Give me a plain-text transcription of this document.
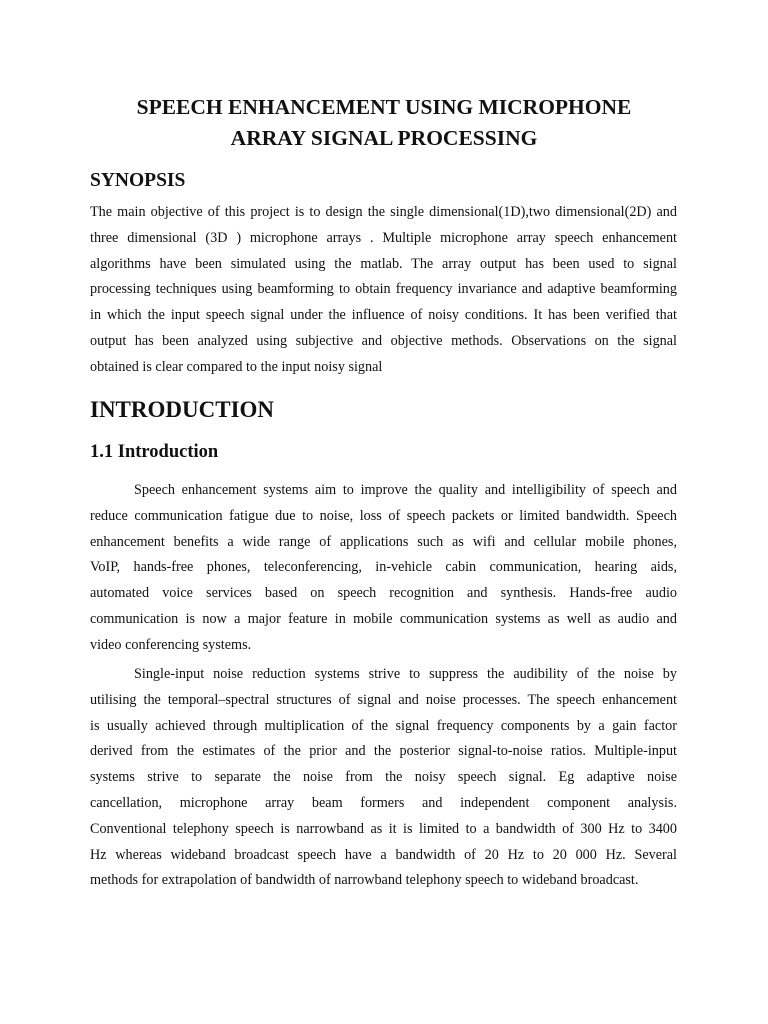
SPEECH ENHANCEMENT USING MICROPHONE
ARRAY SIGNAL PROCESSING
SYNOPSIS

The main objective of this project is to design the single dimensional(1D),two dimensional(2D) and
three dimensional (3D ) microphone arrays . Multiple microphone array speech enhancement
algorithms have been simulated using the matlab. The array output has been used to signal
processing techniques using beamforming to obtain frequency invariance and adaptive beamforming
in which the input speech signal under the influence of noisy conditions. It has been verified that
output has been analyzed using subjective and objective methods. Observations on the signal
obtained is clear compared to the input noisy signal

INTRODUCTION
1.1 Introduction

Speech enhancement systems aim to improve the quality and intelligibility of speech and
reduce communication fatigue due to noise, loss of speech packets or limited bandwidth. Speech
enhancement benefits a wide range of applications such as wifi and cellular mobile phones,
VoIP, hands-free phones, teleconferencing, in-vehicle cabin communication, hearing aids,
automated voice services based on speech recognition and synthesis. Hands-free audio
communication is now a major feature in mobile communication systems as well as audio and
video conferencing systems.

Single-input noise reduction systems strive to suppress the audibility of the noise by
utilising the temporal–spectral structures of signal and noise processes. The speech enhancement
is usually achieved through multiplication of the signal frequency components by a gain factor
derived from the estimates of the prior and the posterior signal-to-noise ratios. Multiple-input
systems strive to separate the noise from the noisy speech signal. Eg adaptive noise
cancellation, microphone array beam formers and independent component analysis.
Conventional telephony speech is narrowband as it is limited to a bandwidth of 300 Hz to 3400
Hz whereas wideband broadcast speech have a bandwidth of 20 Hz to 20 000 Hz. Several
methods for extrapolation of bandwidth of narrowband telephony speech to wideband broadcast.
